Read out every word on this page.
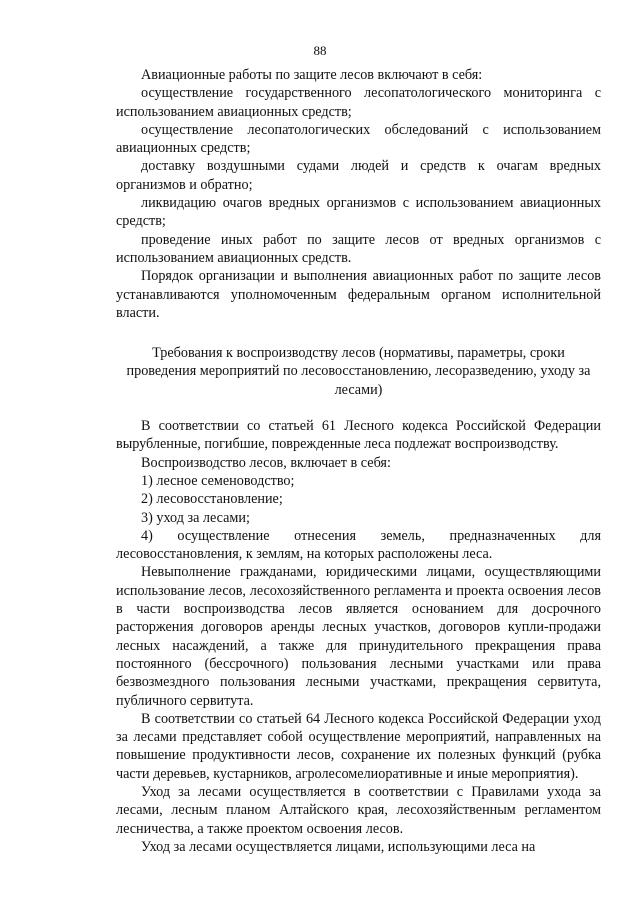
88

Авиационные работы по защите лесов включают в себя:

осуществление государственного лесопатологического мониторинга с использованием авиационных средств;

осуществление лесопатологических обследований с использованием авиационных средств;

доставку воздушными судами людей и средств к очагам вредных организмов и обратно;

ликвидацию очагов вредных организмов с использованием авиационных средств;

проведение иных работ по защите лесов от вредных организмов с использованием авиационных средств.

Порядок организации и выполнения авиационных работ по защите лесов устанавливаются уполномоченным федеральным органом исполнительной власти.

Требования к воспроизводству лесов (нормативы, параметры, сроки проведения мероприятий по лесовосстановлению, лесоразведению, уходу за лесами)

В соответствии со статьей 61 Лесного кодекса Российской Федерации вырубленные, погибшие, поврежденные леса подлежат воспроизводству.

Воспроизводство лесов, включает в себя:

1) лесное семеноводство;

2) лесовосстановление;

3) уход за лесами;

4) осуществление отнесения земель, предназначенных для лесовосстановления, к землям, на которых расположены леса.

Невыполнение гражданами, юридическими лицами, осуществляющими использование лесов, лесохозяйственного регламента и проекта освоения лесов в части воспроизводства лесов является основанием для досрочного расторжения договоров аренды лесных участков, договоров купли-продажи лесных насаждений, а также для принудительного прекращения права постоянного (бессрочного) пользования лесными участками или права безвозмездного пользования лесными участками, прекращения сервитута, публичного сервитута.

В соответствии со статьей 64 Лесного кодекса Российской Федерации уход за лесами представляет собой осуществление мероприятий, направленных на повышение продуктивности лесов, сохранение их полезных функций (рубка части деревьев, кустарников, агролесомелиоративные и иные мероприятия).

Уход за лесами осуществляется в соответствии с Правилами ухода за лесами, лесным планом Алтайского края, лесохозяйственным регламентом лесничества, а также проектом освоения лесов.

Уход за лесами осуществляется лицами, использующими леса на
